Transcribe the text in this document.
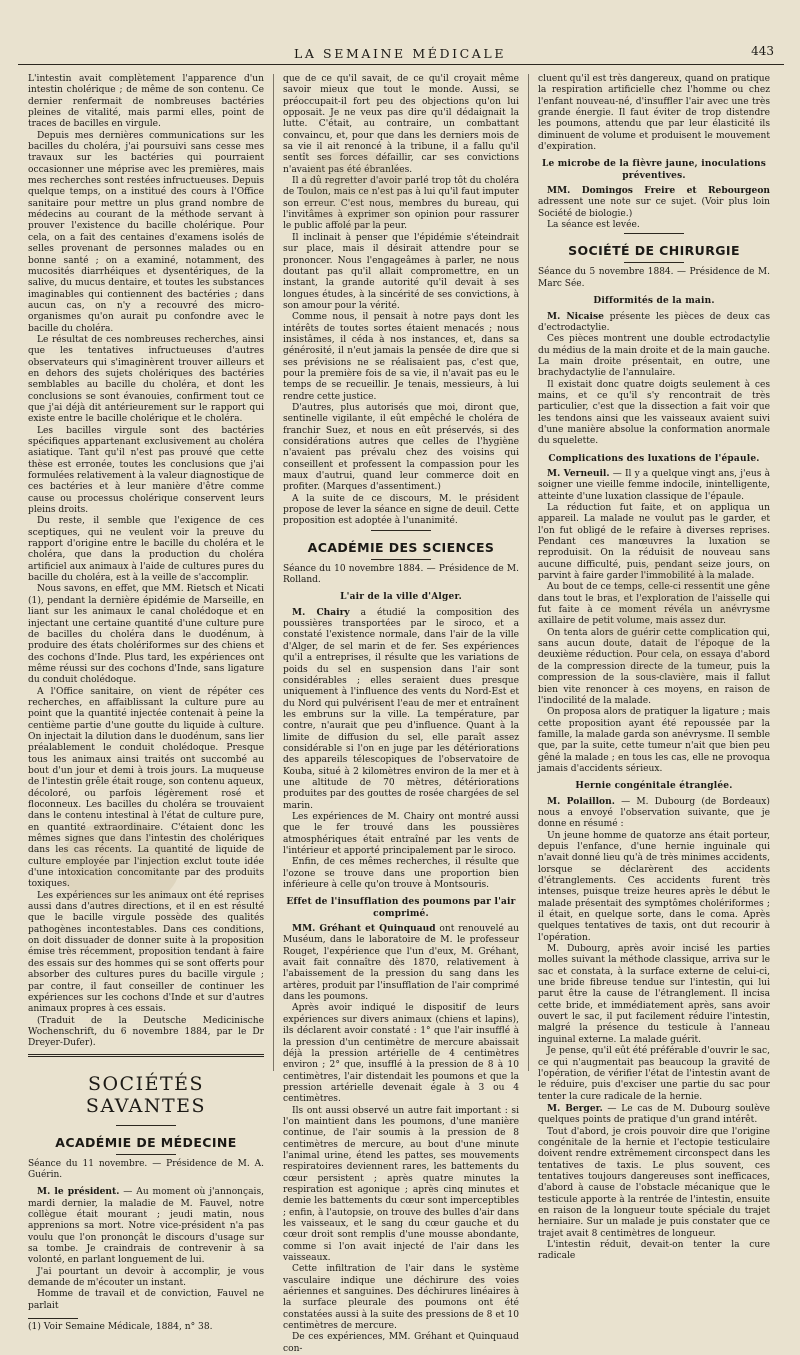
LA SEMAINE MÉDICALE	443

L'intestin avait complètement l'apparence d'un intestin cholérique ; de même de son contenu. Ce dernier renfermait de nombreuses bactéries pleines de vitalité, mais parmi elles, point de traces de bacilles en virgule.

Depuis mes dernières communications sur les bacilles du choléra, j'ai poursuivi sans cesse mes travaux sur les bactéries qui pourraient occasionner une méprise avec les premières, mais mes recherches sont restées infructueuses. Depuis quelque temps, on a institué des cours à l'Office sanitaire pour mettre un plus grand nombre de médecins au courant de la méthode servant à prouver l'existence du bacille cholérique. Pour cela, on a fait des centaines d'examens isolés de selles provenant de personnes malades ou en bonne santé ; on a examiné, notamment, des mucosités diarrhéiques et dysentériques, de la salive, du mucus dentaire, et toutes les substances imaginables qui contiennent des bactéries ; dans aucun cas, on n'y a recouvré des micro-organismes qu'on aurait pu confondre avec le bacille du choléra.

Le résultat de ces nombreuses recherches, ainsi que les tentatives infructueuses d'autres observateurs qui s'imaginèrent trouver ailleurs et en dehors des sujets cholériques des bactéries semblables au bacille du choléra, et dont les conclusions se sont évanouies, confirment tout ce que j'ai déjà dit antérieurement sur le rapport qui existe entre le bacille cholérique et le choléra.

Les bacilles virgule sont des bactéries spécifiques appartenant exclusivement au choléra asiatique. Tant qu'il n'est pas prouvé que cette thèse est erronée, toutes les conclusions que j'ai formulées relativement à la valeur diagnostique de ces bactéries et à leur manière d'être comme cause ou processus cholérique conservent leurs pleins droits.

Du reste, il semble que l'exigence de ces sceptiques, qui ne veulent voir la preuve du rapport d'origine entre le bacille du choléra et le choléra, que dans la production du choléra artificiel aux animaux à l'aide de cultures pures du bacille du choléra, est à la veille de s'accomplir.

Nous savons, en effet, que MM. Rietsch et Nicati (1), pendant la dernière épidémie de Marseille, en liant sur les animaux le canal cholédoque et en injectant une certaine quantité d'une culture pure de bacilles du choléra dans le duodénum, à produire des états cholériformes sur des chiens et des cochons d'Inde. Plus tard, les expériences ont même réussi sur des cochons d'Inde, sans ligature du conduit cholédoque.

A l'Office sanitaire, on vient de répéter ces recherches, en affaiblissant la culture pure au point que la quantité injectée contenait à peine la centième partie d'une goutte du liquide à culture. On injectait la dilution dans le duodénum, sans lier préalablement le conduit cholédoque. Presque tous les animaux ainsi traités ont succombé au bout d'un jour et demi à trois jours. La muqueuse de l'intestin grêle était rouge, son contenu aqueux, décoloré, ou parfois légèrement rosé et floconneux. Les bacilles du choléra se trouvaient dans le contenu intestinal à l'état de culture pure, en quantité extraordinaire. C'étaient donc les mêmes signes que dans l'intestin des cholériques dans les cas récents. La quantité de liquide de culture employée par l'injection exclut toute idée d'une intoxication concomitante par des produits toxiques.

Les expériences sur les animaux ont été reprises aussi dans d'autres directions, et il en est résulté que le bacille virgule possède des qualités pathogènes incontestables. Dans ces conditions, on doit dissuader de donner suite à la proposition émise très récemment, proposition tendant à faire des essais sur des hommes qui se sont offerts pour absorber des cultures pures du bacille virgule ; par contre, il faut conseiller de continuer les expériences sur les cochons d'Inde et sur d'autres animaux propres à ces essais.

(Traduit de la Deutsche Medicinische Wochenschrift, du 6 novembre 1884, par le Dr Dreyer-Dufer).

SOCIÉTÉS SAVANTES
ACADÉMIE DE MÉDECINE

Séance du 11 novembre. — Présidence de M. A. Guérin.

M. le président. — Au moment où j'annonçais, mardi dernier, la maladie de M. Fauvel, notre collègue était mourant ; jeudi matin, nous apprenions sa mort. Notre vice-président n'a pas voulu que l'on prononçât le discours d'usage sur sa tombe. Je craindrais de contrevenir à sa volonté, en parlant longuement de lui.

J'ai pourtant un devoir à accomplir, je vous demande de m'écouter un instant.

Homme de travail et de conviction, Fauvel ne parlait

(1) Voir Semaine Médicale, 1884, n° 38.

que de ce qu'il savait, de ce qu'il croyait même savoir mieux que tout le monde. Aussi, se préoccupait-il fort peu des objections qu'on lui opposait. Je ne veux pas dire qu'il dédaignait la lutte. C'était, au contraire, un combattant convaincu, et, pour que dans les derniers mois de sa vie il ait renoncé à la tribune, il a fallu qu'il sentît ses forces défaillir, car ses convictions n'avaient pas été ébranlées.

Il a dû regretter d'avoir parlé trop tôt du choléra de Toulon, mais ce n'est pas à lui qu'il faut imputer son erreur. C'est nous, membres du bureau, qui l'invitâmes à exprimer son opinion pour rassurer le public affolé par la peur.

Il inclinait à penser que l'épidémie s'éteindrait sur place, mais il désirait attendre pour se prononcer. Nous l'engageâmes à parler, ne nous doutant pas qu'il allait compromettre, en un instant, la grande autorité qu'il devait à ses longues études, à la sincérité de ses convictions, à son amour pour la vérité.

Comme nous, il pensait à notre pays dont les intérêts de toutes sortes étaient menacés ; nous insistâmes, il céda à nos instances, et, dans sa générosité, il n'eut jamais la pensée de dire que si ses prévisions ne se réalisaient pas, c'est que, pour la première fois de sa vie, il n'avait pas eu le temps de se recueillir. Je tenais, messieurs, à lui rendre cette justice.

D'autres, plus autorisés que moi, diront que, sentinelle vigilante, il eût empêché le choléra de franchir Suez, et nous en eût préservés, si des considérations autres que celles de l'hygiène n'avaient pas prévalu chez des voisins qui conseillent et professent la compassion pour les maux d'autrui, quand leur commerce doit en profiter. (Marques d'assentiment.)

A la suite de ce discours, M. le président propose de lever la séance en signe de deuil. Cette proposition est adoptée à l'unanimité.

ACADÉMIE DES SCIENCES

Séance du 10 novembre 1884. — Présidence de M. Rolland.

L'air de la ville d'Alger.

M. Chairy a étudié la composition des poussières transportées par le siroco, et a constaté l'existence normale, dans l'air de la ville d'Alger, de sel marin et de fer. Ses expériences qu'il a entreprises, il résulte que les variations de poids du sel en suspension dans l'air sont considérables ; elles seraient dues presque uniquement à l'influence des vents du Nord-Est et du Nord qui pulvérisent l'eau de mer et entraînent les embruns sur la ville. La température, par contre, n'aurait que peu d'influence. Quant à la limite de diffusion du sel, elle paraît assez considérable si l'on en juge par les détériorations des appareils télescopiques de l'observatoire de Kouba, situé à 2 kilomètres environ de la mer et à une altitude de 70 mètres, détériorations produites par des gouttes de rosée chargées de sel marin.

Les expériences de M. Chairy ont montré aussi que le fer trouvé dans les poussières atmosphériques était entraîné par les vents de l'intérieur et apporté principalement par le siroco.

Enfin, de ces mêmes recherches, il résulte que l'ozone se trouve dans une proportion bien inférieure à celle qu'on trouve à Montsouris.

Effet de l'insufflation des poumons par l'air comprimé.

MM. Gréhant et Quinquaud ont renouvelé au Muséum, dans le laboratoire de M. le professeur Rouget, l'expérience que l'un d'eux, M. Gréhant, avait fait connaître dès 1870, relativement à l'abaissement de la pression du sang dans les artères, produit par l'insufflation de l'air comprimé dans les poumons.

Après avoir indiqué le dispositif de leurs expériences sur divers animaux (chiens et lapins), ils déclarent avoir constaté : 1° que l'air insufflé à la pression d'un centimètre de mercure abaissait déjà la pression artérielle de 4 centimètres environ ; 2° que, insufflé à la pression de 8 à 10 centimètres, l'air distendait les poumons et que la pression artérielle devenait égale à 3 ou 4 centimètres.

Ils ont aussi observé un autre fait important : si l'on maintient dans les poumons, d'une manière continue, de l'air soumis à la pression de 8 centimètres de mercure, au bout d'une minute l'animal urine, étend les pattes, ses mouvements respiratoires deviennent rares, les battements du cœur persistent ; après quatre minutes la respiration est agonique ; après cinq minutes et demie les battements du cœur sont imperceptibles ; enfin, à l'autopsie, on trouve des bulles d'air dans les vaisseaux, et le sang du cœur gauche et du cœur droit sont remplis d'une mousse abondante, comme si l'on avait injecté de l'air dans les vaisseaux.

Cette infiltration de l'air dans le système vasculaire indique une déchirure des voies aériennes et sanguines. Des déchirures linéaires à la surface pleurale des poumons ont été constatées aussi à la suite des pressions de 8 et 10 centimètres de mercure.

De ces expériences, MM. Gréhant et Quinquaud con-

cluent qu'il est très dangereux, quand on pratique la respiration artificielle chez l'homme ou chez l'enfant nouveau-né, d'insuffler l'air avec une très grande énergie. Il faut éviter de trop distendre les poumons, attendu que par leur élasticité ils diminuent de volume et produisent le mouvement d'expiration.

Le microbe de la fièvre jaune, inoculations préventives.

MM. Domingos Freire et Rebourgeon adressent une note sur ce sujet. (Voir plus loin Société de biologie.)

La séance est levée.

SOCIÉTÉ DE CHIRURGIE

Séance du 5 novembre 1884. — Présidence de M. Marc Sée.

Difformités de la main.

M. Nicaise présente les pièces de deux cas d'ectrodactylie.

Ces pièces montrent une double ectrodactylie du médius de la main droite et de la main gauche. La main droite présentait, en outre, une brachydactylie de l'annulaire.

Il existait donc quatre doigts seulement à ces mains, et ce qu'il s'y rencontrait de très particulier, c'est que la dissection a fait voir que les tendons ainsi que les vaisseaux avaient suivi d'une manière absolue la conformation anormale du squelette.

Complications des luxations de l'épaule.

M. Verneuil. — Il y a quelque vingt ans, j'eus à soigner une vieille femme indocile, inintelligente, atteinte d'une luxation classique de l'épaule.

La réduction fut faite, et on appliqua un appareil. La malade ne voulut pas le garder, et l'on fut obligé de le refaire à diverses reprises. Pendant ces manœuvres la luxation se reproduisit. On la réduisit de nouveau sans aucune difficulté, puis, pendant seize jours, on parvint à faire garder l'immobilité à la malade.

Au bout de ce temps, celle-ci ressentit une gêne dans tout le bras, et l'exploration de l'aisselle qui fut faite à ce moment révéla un anévrysme axillaire de petit volume, mais assez dur.

On tenta alors de guérir cette complication qui, sans aucun doute, datait de l'époque de la deuxième réduction. Pour cela, on essaya d'abord de la compression directe de la tumeur, puis la compression de la sous-clavière, mais il fallut bien vite renoncer à ces moyens, en raison de l'indocilité de la malade.

On proposa alors de pratiquer la ligature ; mais cette proposition ayant été repoussée par la famille, la malade garda son anévrysme. Il semble que, par la suite, cette tumeur n'ait que bien peu gêné la malade ; en tous les cas, elle ne provoqua jamais d'accidents sérieux.

Hernie congénitale étranglée.

M. Polaillon. — M. Dubourg (de Bordeaux) nous a envoyé l'observation suivante, que je donne en résumé :

Un jeune homme de quatorze ans était porteur, depuis l'enfance, d'une hernie inguinale qui n'avait donné lieu qu'à de très minimes accidents, lorsque se déclarèrent des accidents d'étranglements. Ces accidents furent très intenses, puisque treize heures après le début le malade présentait des symptômes cholériformes ; il était, en quelque sorte, dans le coma. Après quelques tentatives de taxis, ont dut recourir à l'opération.

M. Dubourg, après avoir incisé les parties molles suivant la méthode classique, arriva sur le sac et constata, à la surface externe de celui-ci, une bride fibreuse tendue sur l'intestin, qui lui parut être la cause de l'étranglement. Il incisa cette bride, et immédiatement après, sans avoir ouvert le sac, il put facilement réduire l'intestin, malgré la présence du testicule à l'anneau inguinal externe. La malade guérit.

Je pense, qu'il eût été préférable d'ouvrir le sac, ce qui n'augmentait pas beaucoup la gravité de l'opération, de vérifier l'état de l'intestin avant de le réduire, puis d'exciser une partie du sac pour tenter la cure radicale de la hernie.

M. Berger. — Le cas de M. Dubourg soulève quelques points de pratique d'un grand intérêt.

Tout d'abord, je crois pouvoir dire que l'origine congénitale de la hernie et l'ectopie testiculaire doivent rendre extrêmement circonspect dans les tentatives de taxis. Le plus souvent, ces tentatives toujours dangereuses sont inefficaces, d'abord à cause de l'obstacle mécanique que le testicule apporte à la rentrée de l'intestin, ensuite en raison de la longueur toute spéciale du trajet herniaire. Sur un malade je puis constater que ce trajet avait 8 centimètres de longueur.

L'intestin réduit, devait-on tenter la cure radicale
